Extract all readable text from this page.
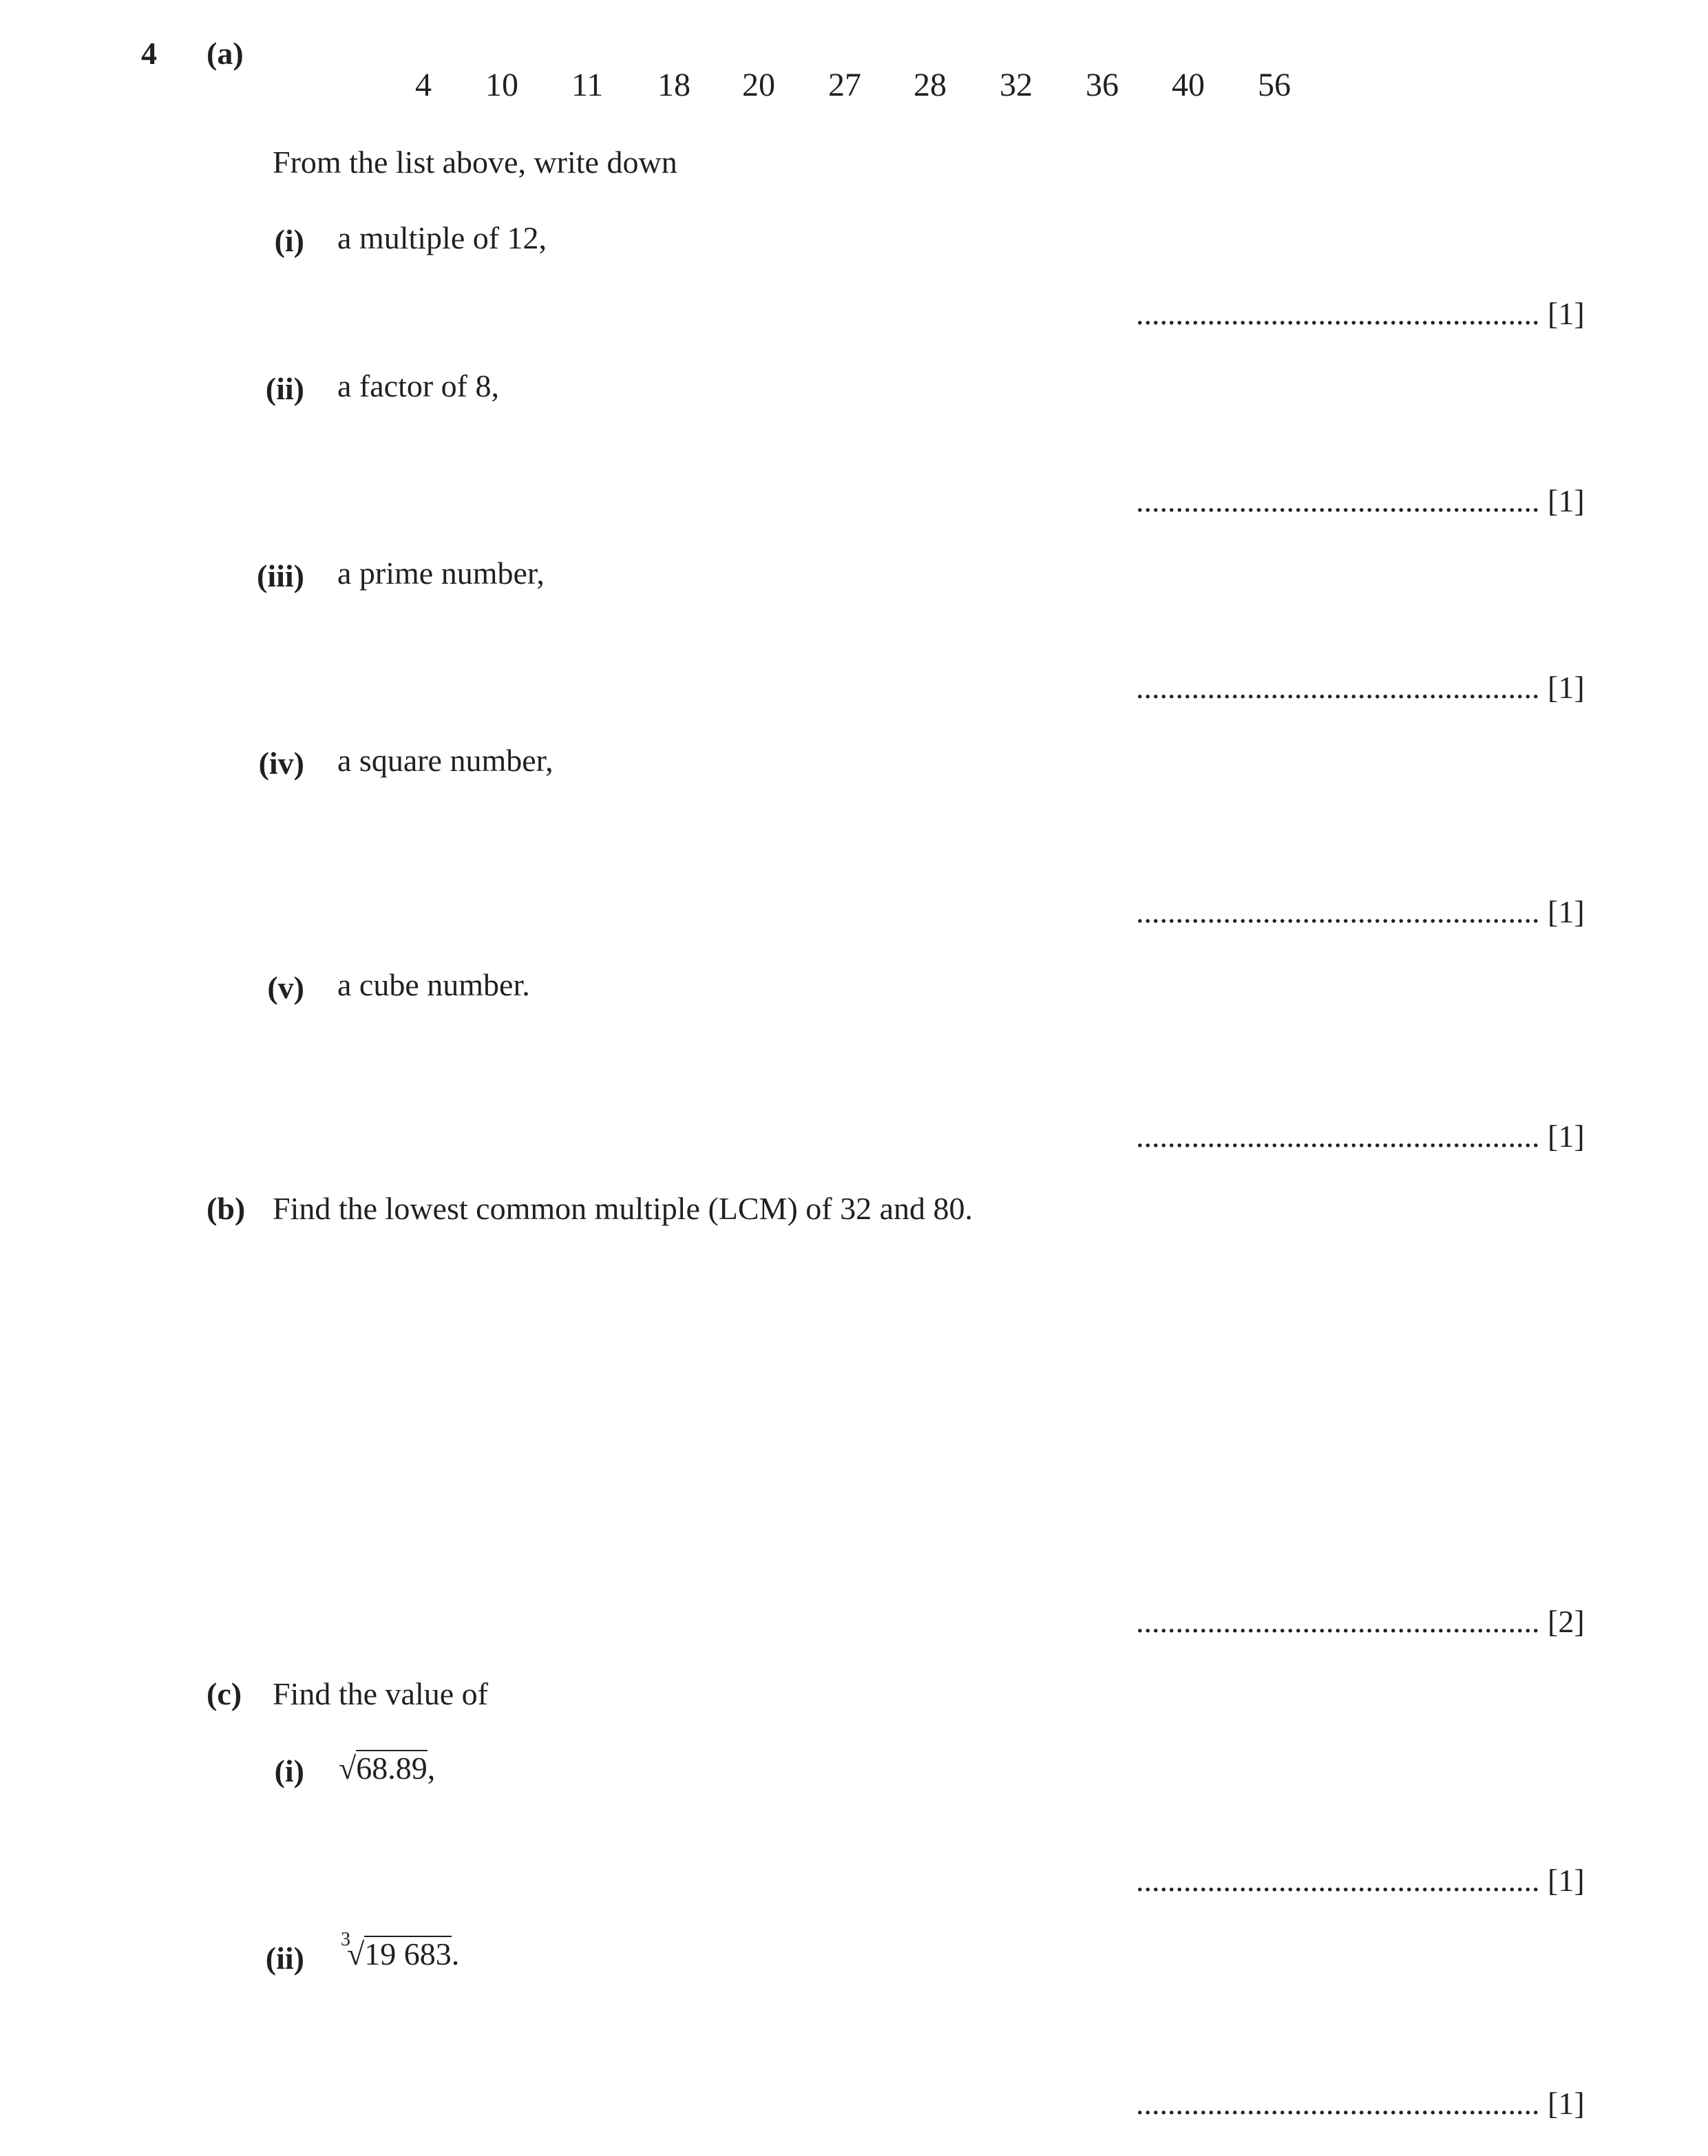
4 (a)
4 10 11 18 20 27 28 32 36 40 56
From the list above, write down
(i) a multiple of 12,
................................................... [1]
(ii) a factor of 8,
................................................... [1]
(iii) a prime number,
................................................... [1]
(iv) a square number,
................................................... [1]
(v) a cube number.
................................................... [1]
(b) Find the lowest common multiple (LCM) of 32 and 80.
................................................... [2]
(c) Find the value of
(i) √68.89,
................................................... [1]
(ii)
3
√19 683.
................................................... [1]
